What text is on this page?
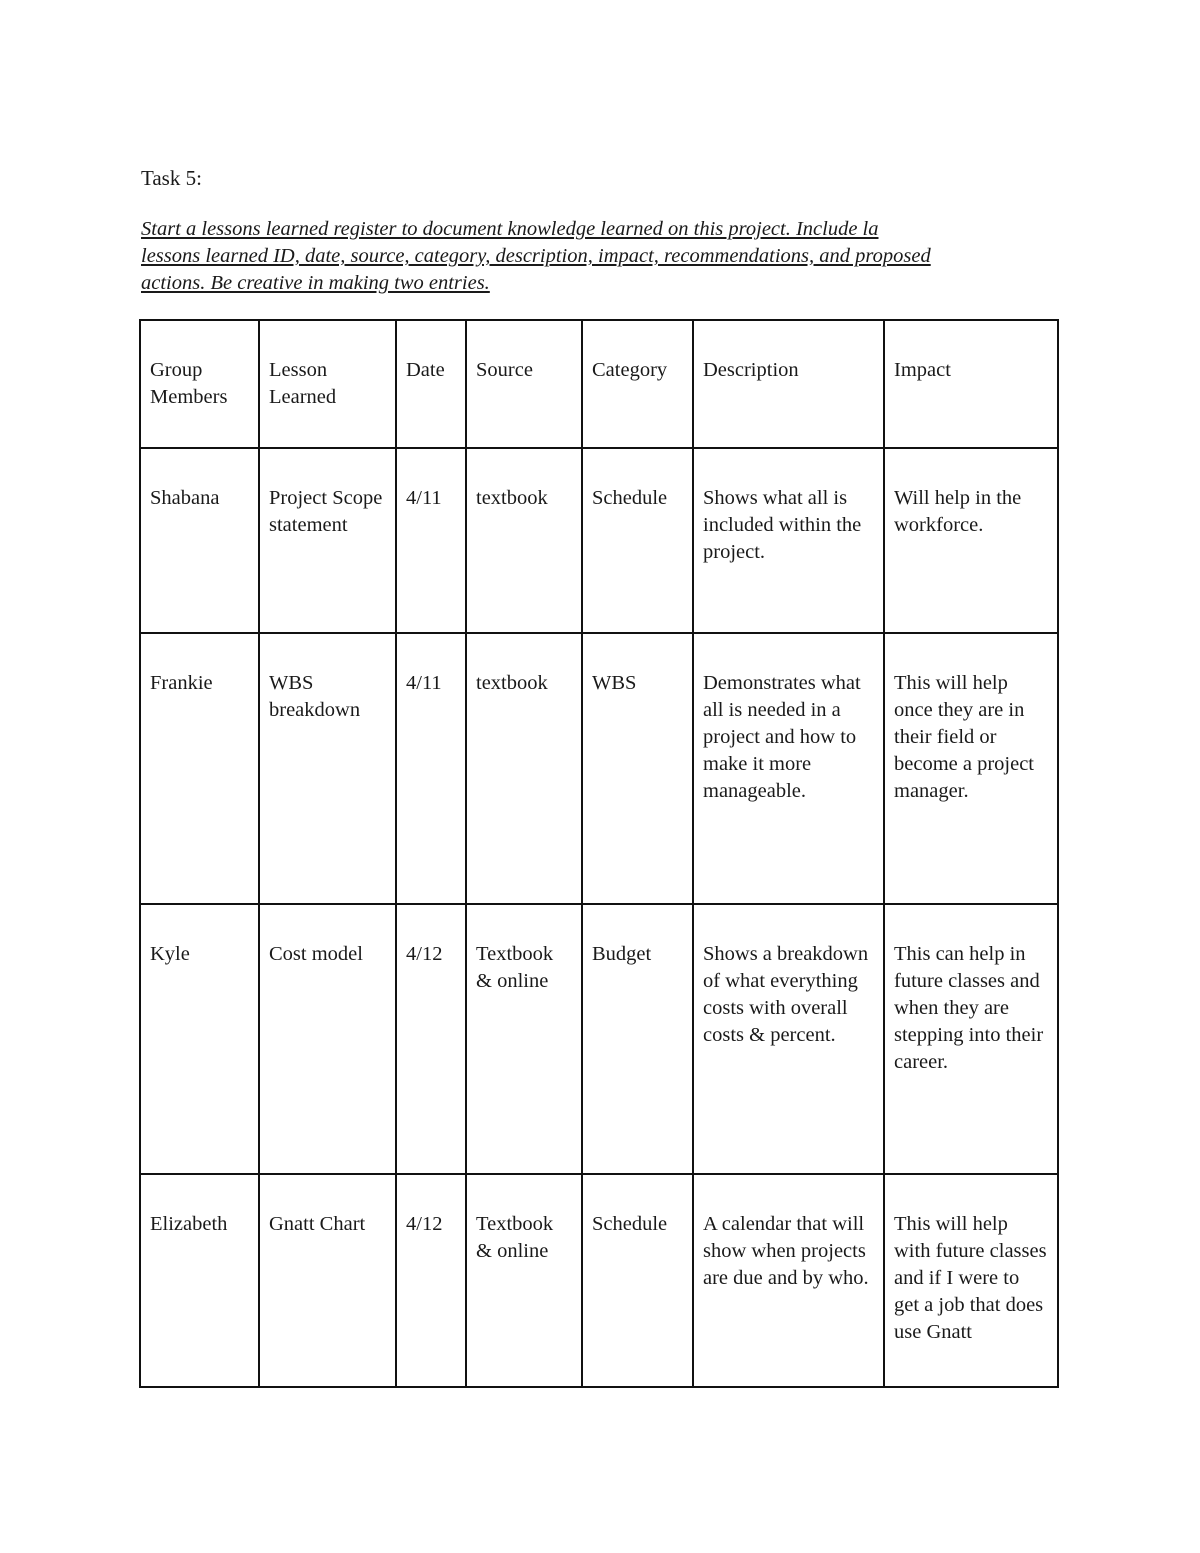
Task 5:
Start a lessons learned register to document knowledge learned on this project. Include la
lessons learned ID, date, source, category, description, impact, recommendations, and proposed
actions. Be creative in making two entries.
Group Members	Lesson Learned	Date	Source	Category	Description	Impact
Shabana	Project Scope statement	4/11	textbook	Schedule	Shows what all is included within the project.	Will help in the workforce.
Frankie	WBS breakdown	4/11	textbook	WBS	Demonstrates what all is needed in a project and how to make it more manageable.	This will help once they are in their field or become a project manager.
Kyle	Cost model	4/12	Textbook & online	Budget	Shows a breakdown of what everything costs with overall costs & percent.	This can help in future classes and when they are stepping into their career.
Elizabeth	Gnatt Chart	4/12	Textbook & online	Schedule	A calendar that will show when projects are due and by who.	This will help with future classes and if I were to get a job that does use Gnatt
